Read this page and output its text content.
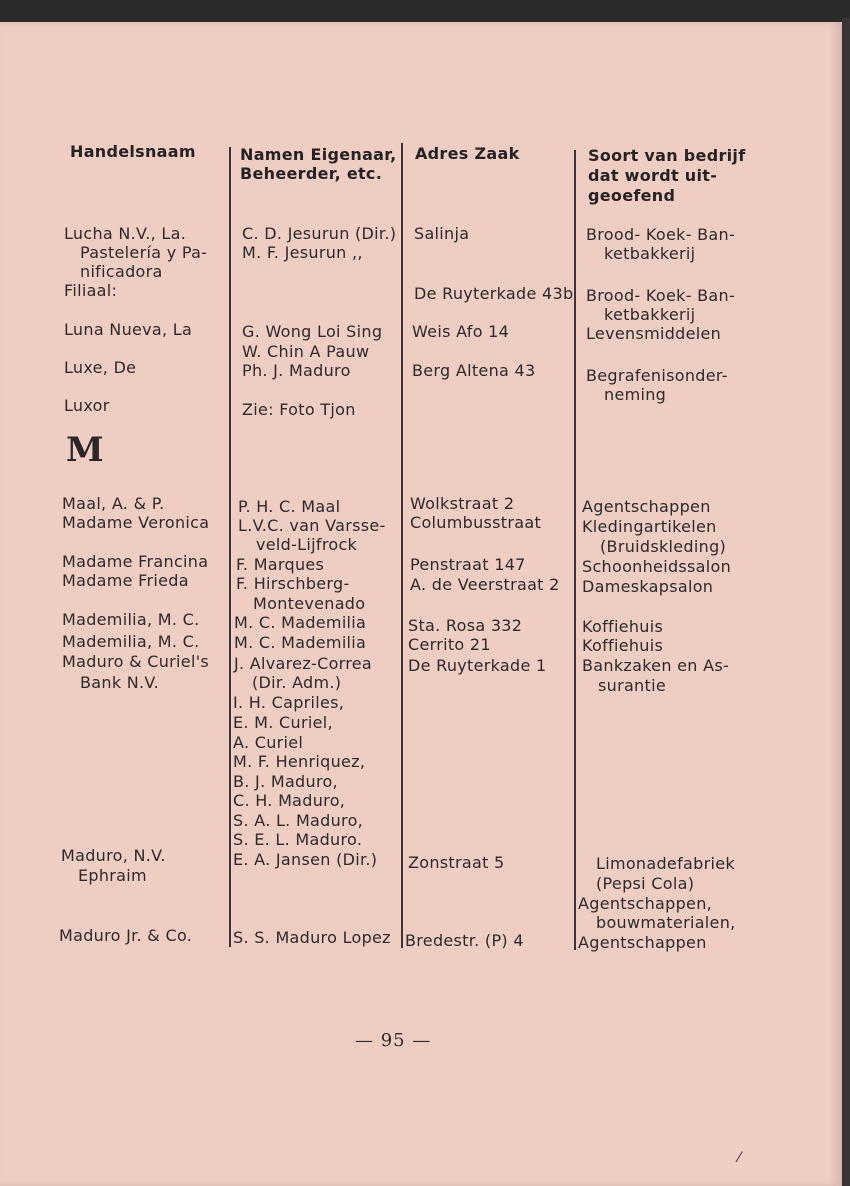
Handelsnaam	Namen Eigenaar,
Beheerder, etc.
Adres Zaak	Soort van bedrijf
dat wordt uit-
geoefend
Lucha N.V., La.
Pastelería y Pa-
nificadora
Filiaal:
Luna Nueva, La
Luxe, De
Luxor
M
Maal, A. & P.
Madame Veronica
Madame Francina
Madame Frieda
Mademilia, M. C.
Mademilia, M. C.
Maduro & Curiel's
Bank N.V.
Maduro, N.V.
Ephraim
Maduro Jr. & Co.
C. D. Jesurun (Dir.)
M. F. Jesurun ,,
G. Wong Loi Sing
W. Chin A Pauw
Ph. J. Maduro
Zie: Foto Tjon
P. H. C. Maal
L.V.C. van Varsse-
veld-Lijfrock
F. Marques
F. Hirschberg-
Montevenado
M. C. Mademilia
M. C. Mademilia
J. Alvarez-Correa
(Dir. Adm.)
I. H. Capriles,
E. M. Curiel,
A. Curiel
M. F. Henriquez,
B. J. Maduro,
C. H. Maduro,
S. A. L. Maduro,
S. E. L. Maduro.
E. A. Jansen (Dir.)
S. S. Maduro Lopez
Salinja
De Ruyterkade 43b
Weis Afo 14
Berg Altena 43
Wolkstraat 2
Columbusstraat
Penstraat 147
A. de Veerstraat 2
Sta. Rosa 332
Cerrito 21
De Ruyterkade 1
Zonstraat 5
Bredestr. (P) 4
Brood- Koek- Ban-
ketbakkerij
Brood- Koek- Ban-
ketbakkerij
Levensmiddelen
Begrafenisonder-
neming
Agentschappen
Kledingartikelen
(Bruidskleding)
Schoonheidssalon
Dameskapsalon
Koffiehuis
Koffiehuis
Bankzaken en As-
surantie
Limonadefabriek
(Pepsi Cola)
Agentschappen,
bouwmaterialen,
Agentschappen
— 95 —
⁄
